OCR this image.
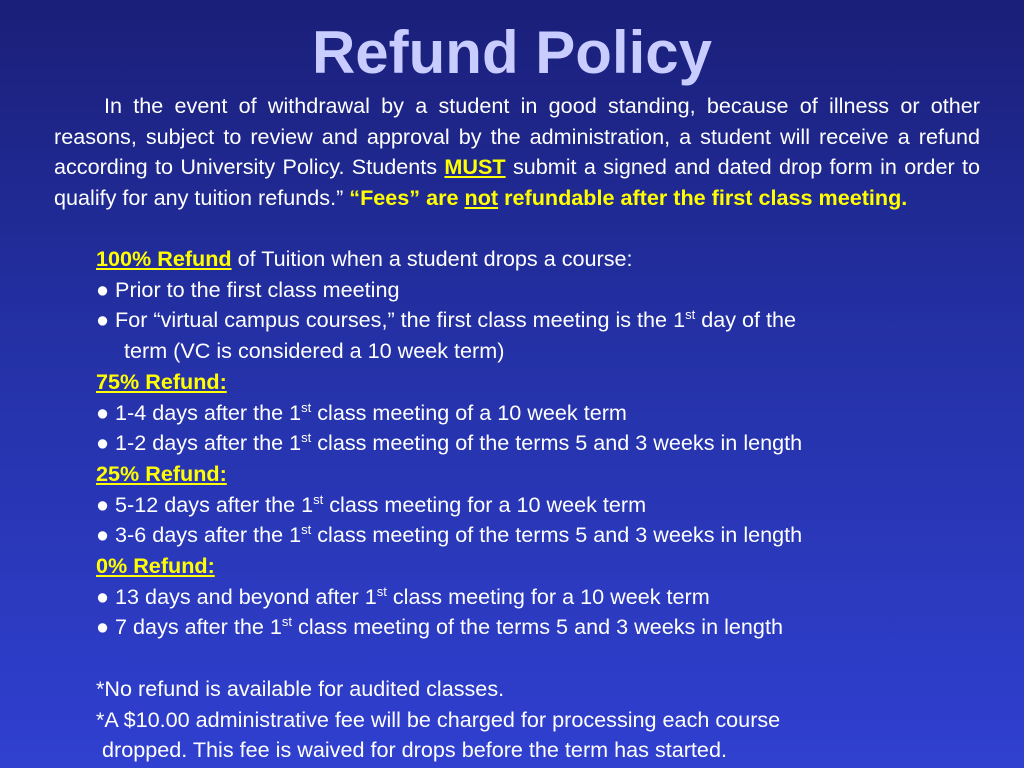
Refund Policy
In the event of withdrawal by a student in good standing, because of illness or other reasons, subject to review and approval by the administration, a student will receive a refund according to University Policy. Students MUST submit a signed and dated drop form in order to qualify for any tuition refunds.” “Fees” are not refundable after the first class meeting.
100% Refund of Tuition when a student drops a course:
● Prior to the first class meeting
● For “virtual campus courses,” the first class meeting is the 1st day of the
term (VC is considered a 10 week term)
75% Refund:
● 1-4 days after the 1st class meeting of a 10 week term
● 1-2 days after the 1st class meeting of the terms 5 and 3 weeks in length
25% Refund:
● 5-12 days after the 1st class meeting for a 10 week term
● 3-6 days after the 1st class meeting of the terms 5 and 3 weeks in length
0% Refund:
● 13 days and beyond after 1st class meeting for a 10 week term
● 7 days after the 1st class meeting of the terms 5 and 3 weeks in length
*No refund is available for audited classes.
*A $10.00 administrative fee will be charged for processing each course
dropped. This fee is waived for drops before the term has started.
